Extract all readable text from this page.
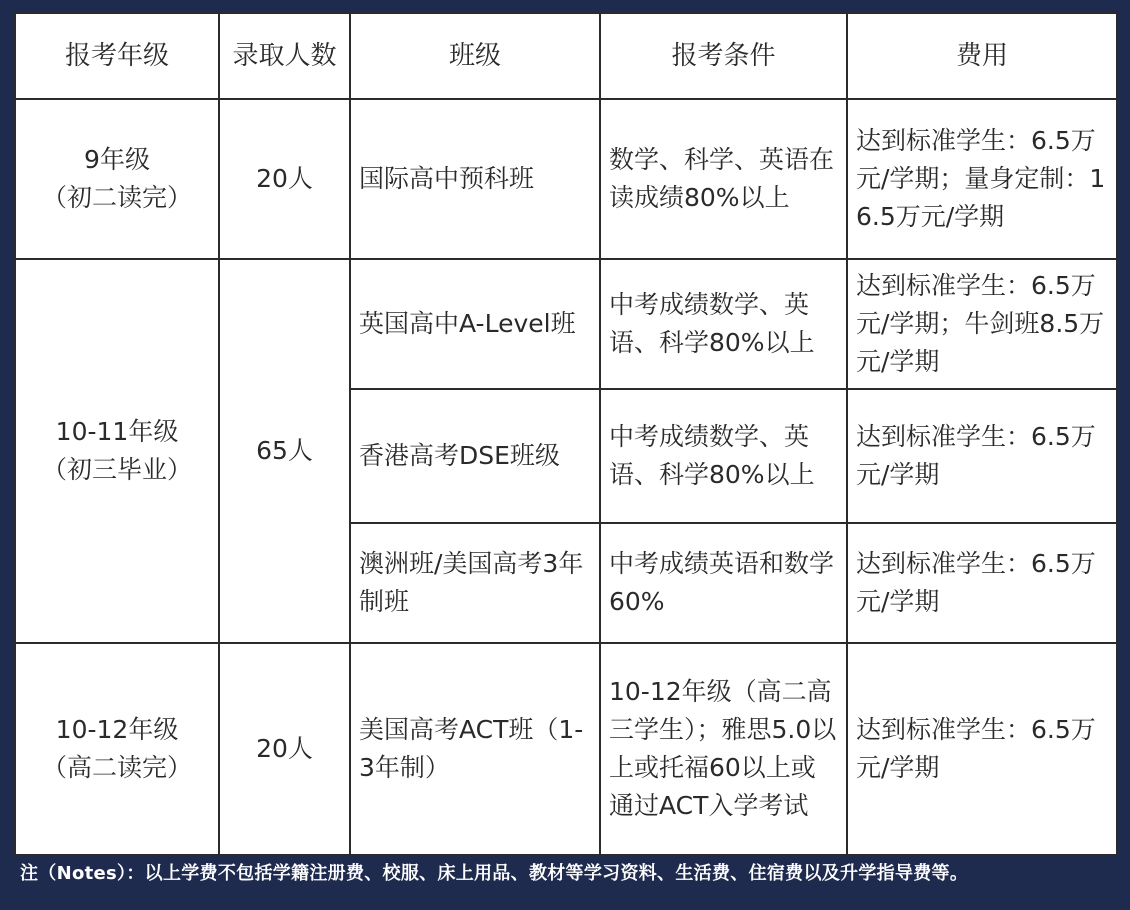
报考年级	录取人数	班级	报考条件	费用

9年级
（初二读完）	20人	国际高中预科班	数学、科学、英语在读成绩80%以上	达到标准学生：6.5万元/学期；量身定制：16.5万元/学期

10-11年级
（初三毕业）	65人	英国高中A-Level班	中考成绩数学、英语、科学80%以上	达到标准学生：6.5万元/学期；牛剑班8.5万元/学期
		香港高考DSE班级	中考成绩数学、英语、科学80%以上	达到标准学生：6.5万元/学期
		澳洲班/美国高考3年制班	中考成绩英语和数学60%	达到标准学生：6.5万元/学期

10-12年级
（高二读完）	20人	美国高考ACT班（1-3年制）	10-12年级（高二高三学生）；雅思5.0以上或托福60以上或通过ACT入学考试	达到标准学生：6.5万元/学期
注（Notes）：以上学费不包括学籍注册费、校服、床上用品、教材等学习资料、生活费、住宿费以及升学指导费等。
